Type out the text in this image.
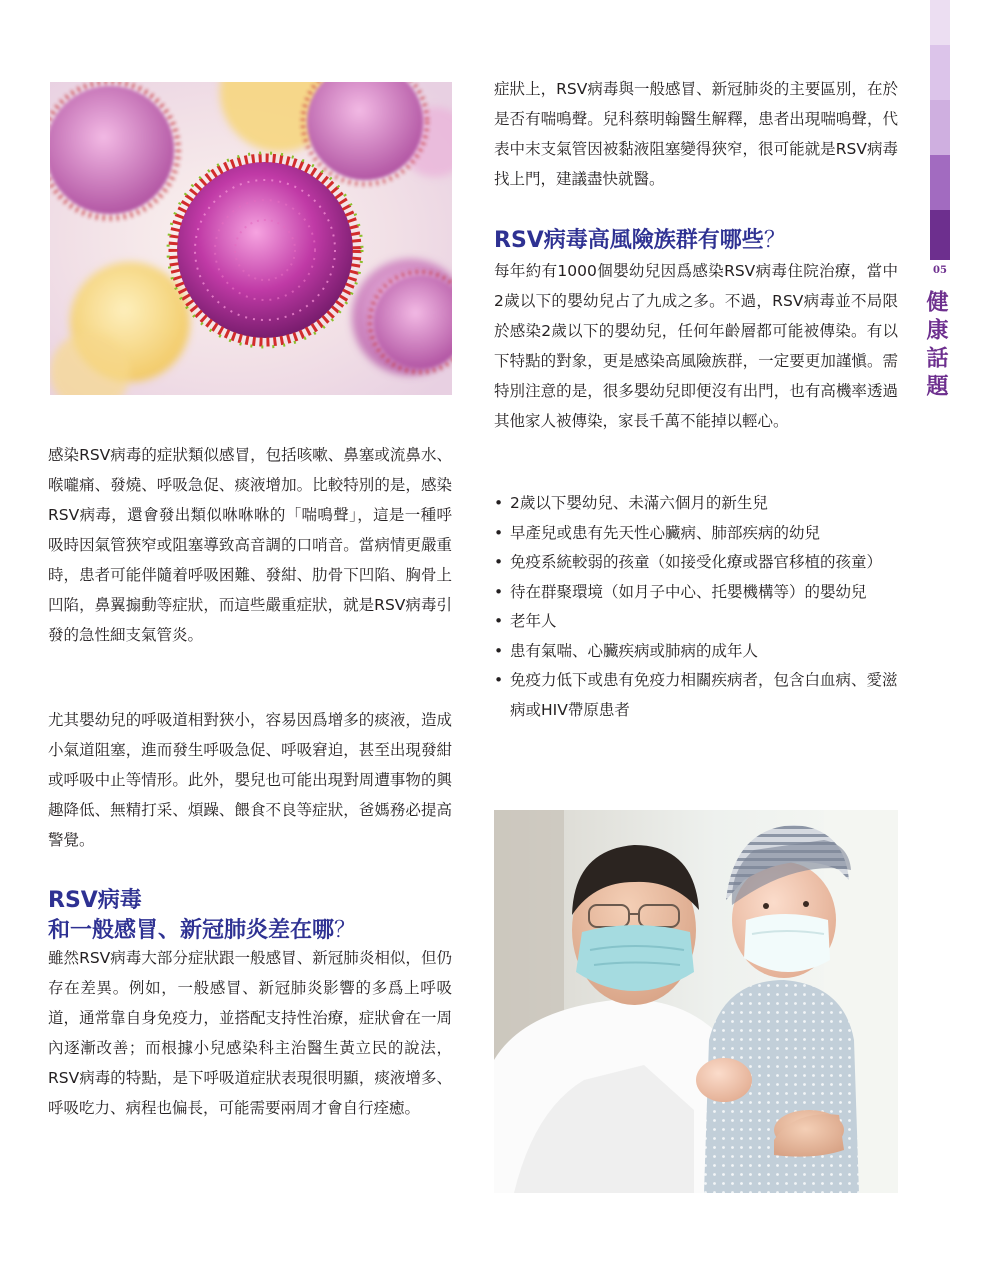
05
健康話題
感染RSV病毒的症狀類似感冒，包括咳嗽、鼻塞或流鼻水、喉嚨痛、發燒、呼吸急促、痰液增加。比較特別的是，感染RSV病毒，還會發出類似咻咻咻的「喘鳴聲」，這是一種呼吸時因氣管狹窄或阻塞導致高音調的口哨音。當病情更嚴重時，患者可能伴隨着呼吸困難、發紺、肋骨下凹陷、胸骨上凹陷，鼻翼搧動等症狀，而這些嚴重症狀，就是RSV病毒引發的急性細支氣管炎。
尤其嬰幼兒的呼吸道相對狹小，容易因爲增多的痰液，造成小氣道阻塞，進而發生呼吸急促、呼吸窘迫，甚至出現發紺或呼吸中止等情形。此外，嬰兒也可能出現對周遭事物的興趣降低、無精打采、煩躁、餵食不良等症狀，爸媽務必提高警覺。
RSV病毒
和一般感冒、新冠肺炎差在哪？
雖然RSV病毒大部分症狀跟一般感冒、新冠肺炎相似，但仍存在差異。例如，一般感冒、新冠肺炎影響的多爲上呼吸道，通常靠自身免疫力，並搭配支持性治療，症狀會在一周內逐漸改善；而根據小兒感染科主治醫生黃立民的說法，RSV病毒的特點，是下呼吸道症狀表現很明顯，痰液增多、呼吸吃力、病程也偏長，可能需要兩周才會自行痊癒。
症狀上，RSV病毒與一般感冒、新冠肺炎的主要區別，在於是否有喘鳴聲。兒科蔡明翰醫生解釋，患者出現喘鳴聲，代表中末支氣管因被黏液阻塞變得狹窄，很可能就是RSV病毒找上門，建議盡快就醫。
RSV病毒高風險族群有哪些？
每年約有1000個嬰幼兒因爲感染RSV病毒住院治療，當中2歲以下的嬰幼兒占了九成之多。不過，RSV病毒並不局限於感染2歲以下的嬰幼兒，任何年齡層都可能被傳染。有以下特點的對象，更是感染高風險族群，一定要更加謹愼。需特別注意的是，很多嬰幼兒即便沒有出門，也有高機率透過其他家人被傳染，家長千萬不能掉以輕心。
• 2歲以下嬰幼兒、未滿六個月的新生兒
• 早產兒或患有先天性心臟病、肺部疾病的幼兒
• 免疫系統較弱的孩童（如接受化療或器官移植的孩童）
• 待在群聚環境（如月子中心、托嬰機構等）的嬰幼兒
• 老年人
• 患有氣喘、心臟疾病或肺病的成年人
• 免疫力低下或患有免疫力相關疾病者，包含白血病、愛滋病或HIV帶原患者
